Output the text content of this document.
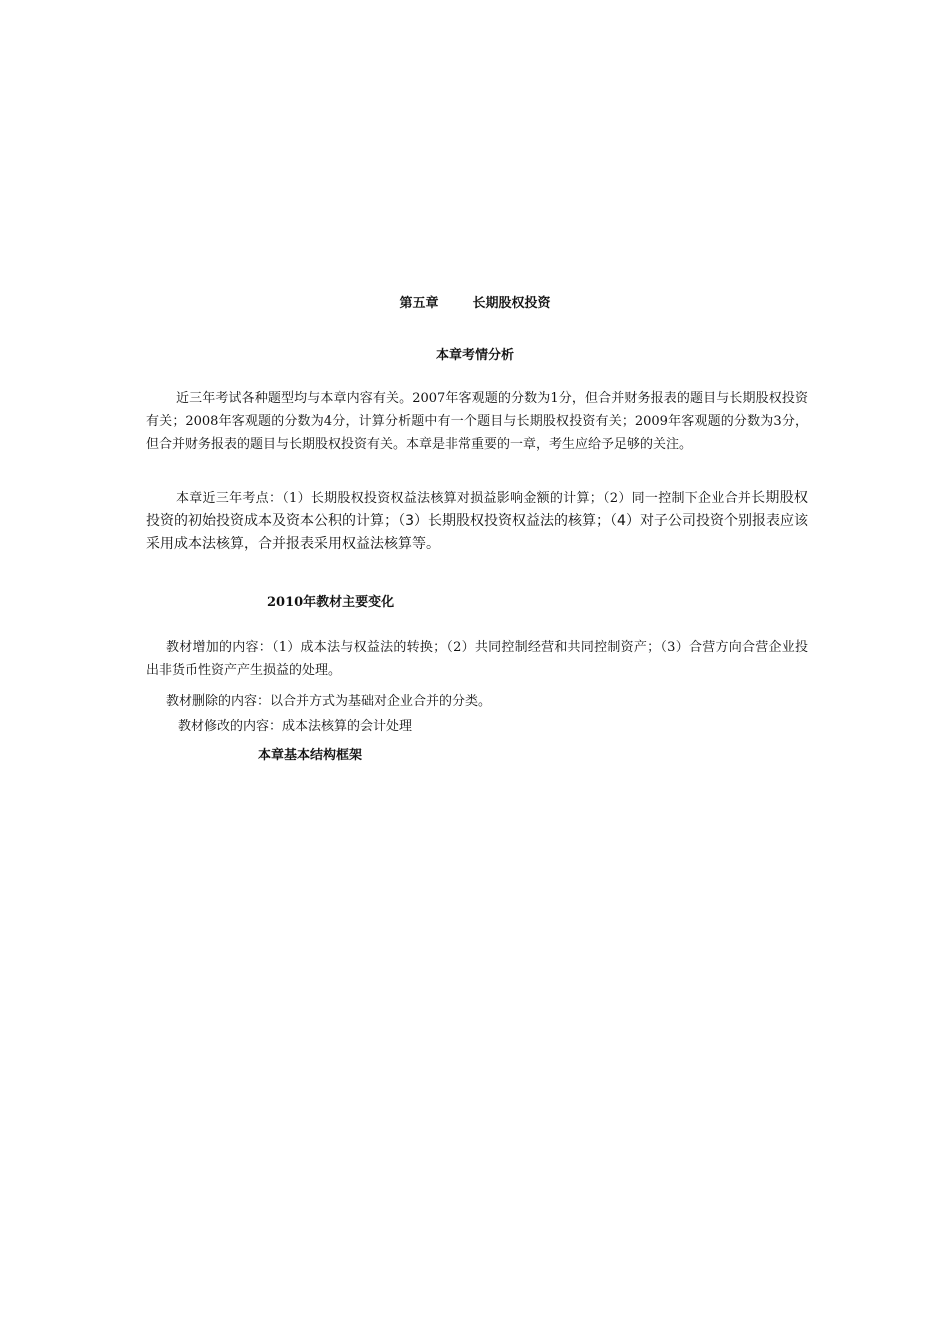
第五章	长期股权投资
本章考情分析
近三年考试各种题型均与本章内容有关。2007年客观题的分数为1分，但合并财务报表的题目与长期股权投资有关；2008年客观题的分数为4分，计算分析题中有一个题目与长期股权投资有关；2009年客观题的分数为3分，但合并财务报表的题目与长期股权投资有关。本章是非常重要的一章，考生应给予足够的关注。
本章近三年考点：（1）长期股权投资权益法核算对损益影响金额的计算；（2）同一控制下企业合并长期股权投资的初始投资成本及资本公积的计算；（3）长期股权投资权益法的核算；（4）对子公司投资个别报表应该采用成本法核算，合并报表采用权益法核算等。
2010年教材主要变化
教材增加的内容：（1）成本法与权益法的转换；（2）共同控制经营和共同控制资产；（3）合营方向合营企业投出非货币性资产产生损益的处理。
教材删除的内容：以合并方式为基础对企业合并的分类。
教材修改的内容：成本法核算的会计处理
本章基本结构框架
